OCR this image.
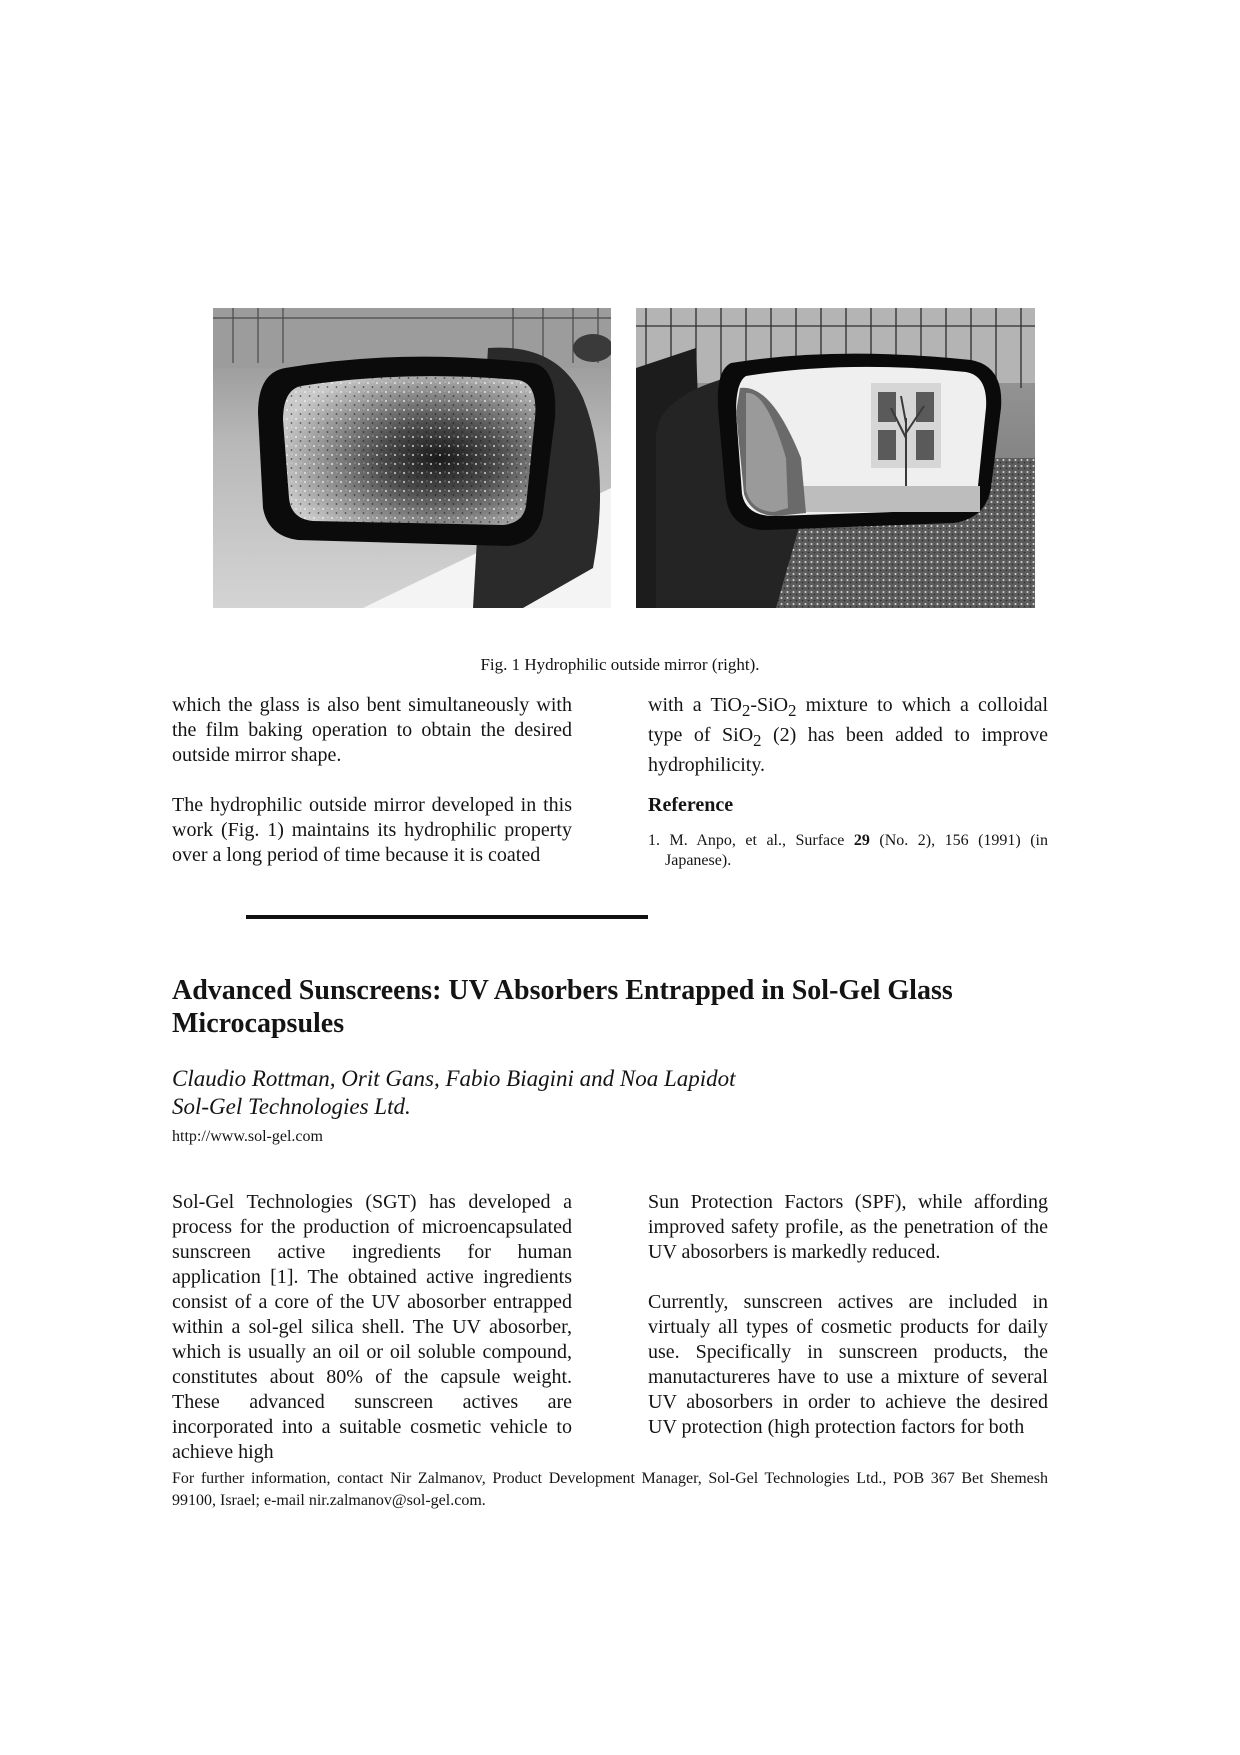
Fig. 1 Hydrophilic outside mirror (right).

which the glass is also bent simultaneously with the film baking operation to obtain the desired outside mirror shape.

The hydrophilic outside mirror developed in this work (Fig. 1) maintains its hydrophilic property over a long period of time because it is coated

with a TiO$_2$-SiO$_2$ mixture to which a colloidal type of SiO$_2$ (2) has been added to improve hydrophilicity.

Reference

1. M. Anpo, et al., Surface 29 (No. 2), 156 (1991) (in Japanese).
Advanced Sunscreens: UV Absorbers Entrapped in Sol-Gel Glass Microcapsules
Claudio Rottman, Orit Gans, Fabio Biagini and Noa Lapidot
Sol-Gel Technologies Ltd.
http://www.sol-gel.com

Sol-Gel Technologies (SGT) has developed a process for the production of microencapsulated sunscreen active ingredients for human application [1]. The obtained active ingredients consist of a core of the UV abosorber entrapped within a sol-gel silica shell. The UV abosorber, which is usually an oil or oil soluble compound, constitutes about 80% of the capsule weight. These advanced sunscreen actives are incorporated into a suitable cosmetic vehicle to achieve high

Sun Protection Factors (SPF), while affording improved safety profile, as the penetration of the UV abosorbers is markedly reduced.

Currently, sunscreen actives are included in virtualy all types of cosmetic products for daily use. Specifically in sunscreen products, the manutactureres have to use a mixture of several UV abosorbers in order to achieve the desired UV protection (high protection factors for both

For further information, contact Nir Zalmanov, Product Development Manager, Sol-Gel Technologies Ltd., POB 367 Bet Shemesh 99100, Israel; e-mail nir.zalmanov@sol-gel.com.
